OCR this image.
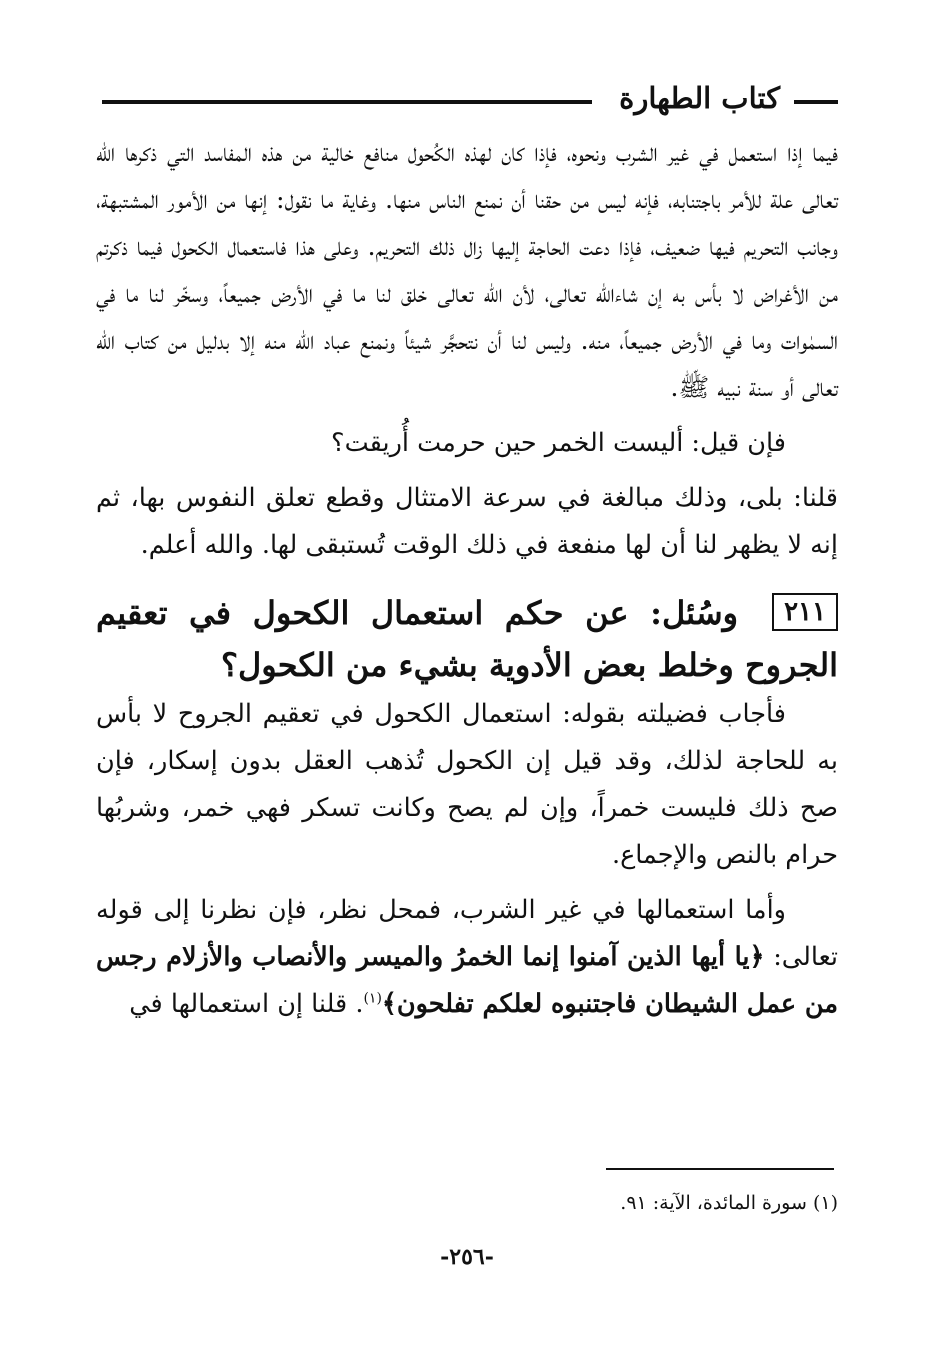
كتاب الطهارة

فيما إذا استعمل في غير الشرب ونحوه، فإذا كان لهذه الكُحول منافع خالية من هذه المفاسد التي ذكرها الله تعالى علة للأمر باجتنابه، فإنه ليس من حقنا أن نمنع الناس منها. وغاية ما نقول: إنها من الأمور المشتبهة، وجانب التحريم فيها ضعيف، فإذا دعت الحاجة إليها زال ذلك التحريم. وعلى هذا فاستعمال الكحول فيما ذكرتم من الأغراض لا بأس به إن شاءالله تعالى، لأن الله تعالى خلق لنا ما في الأرض جميعاً، وسخّر لنا ما في السمٰوات وما في الأرض جميعاً، منه. وليس لنا أن نتحجَّر شيئاً ونمنع عباد الله منه إلا بدليل من كتاب الله تعالى أو سنة نبيه ﷺ.

فإن قيل: أليست الخمر حين حرمت أُريقت؟

قلنا: بلى، وذلك مبالغة في سرعة الامتثال وقطع تعلق النفوس بها، ثم إنه لا يظهر لنا أن لها منفعة في ذلك الوقت تُستبقى لها. والله أعلم.

٢١١وسُئل: عن حكم استعمال الكحول في تعقيم الجروح وخلط بعض الأدوية بشيء من الكحول؟

فأجاب فضيلته بقوله: استعمال الكحول في تعقيم الجروح لا بأس به للحاجة لذلك، وقد قيل إن الكحول تُذهب العقل بدون إسكار، فإن صح ذلك فليست خمراً، وإن لم يصح وكانت تسكر فهي خمر، وشربُها حرام بالنص والإجماع.

وأما استعمالها في غير الشرب، فمحل نظر، فإن نظرنا إلى قوله تعالى: ﴿يا أيها الذين آمنوا إنما الخمرُ والميسر والأنصاب والأزلام رجس من عمل الشيطان فاجتنبوه لعلكم تفلحون﴾$^{(١)}$. قلنا إن استعمالها في

(١) سورة المائدة، الآية: ٩١.
-٢٥٦-
